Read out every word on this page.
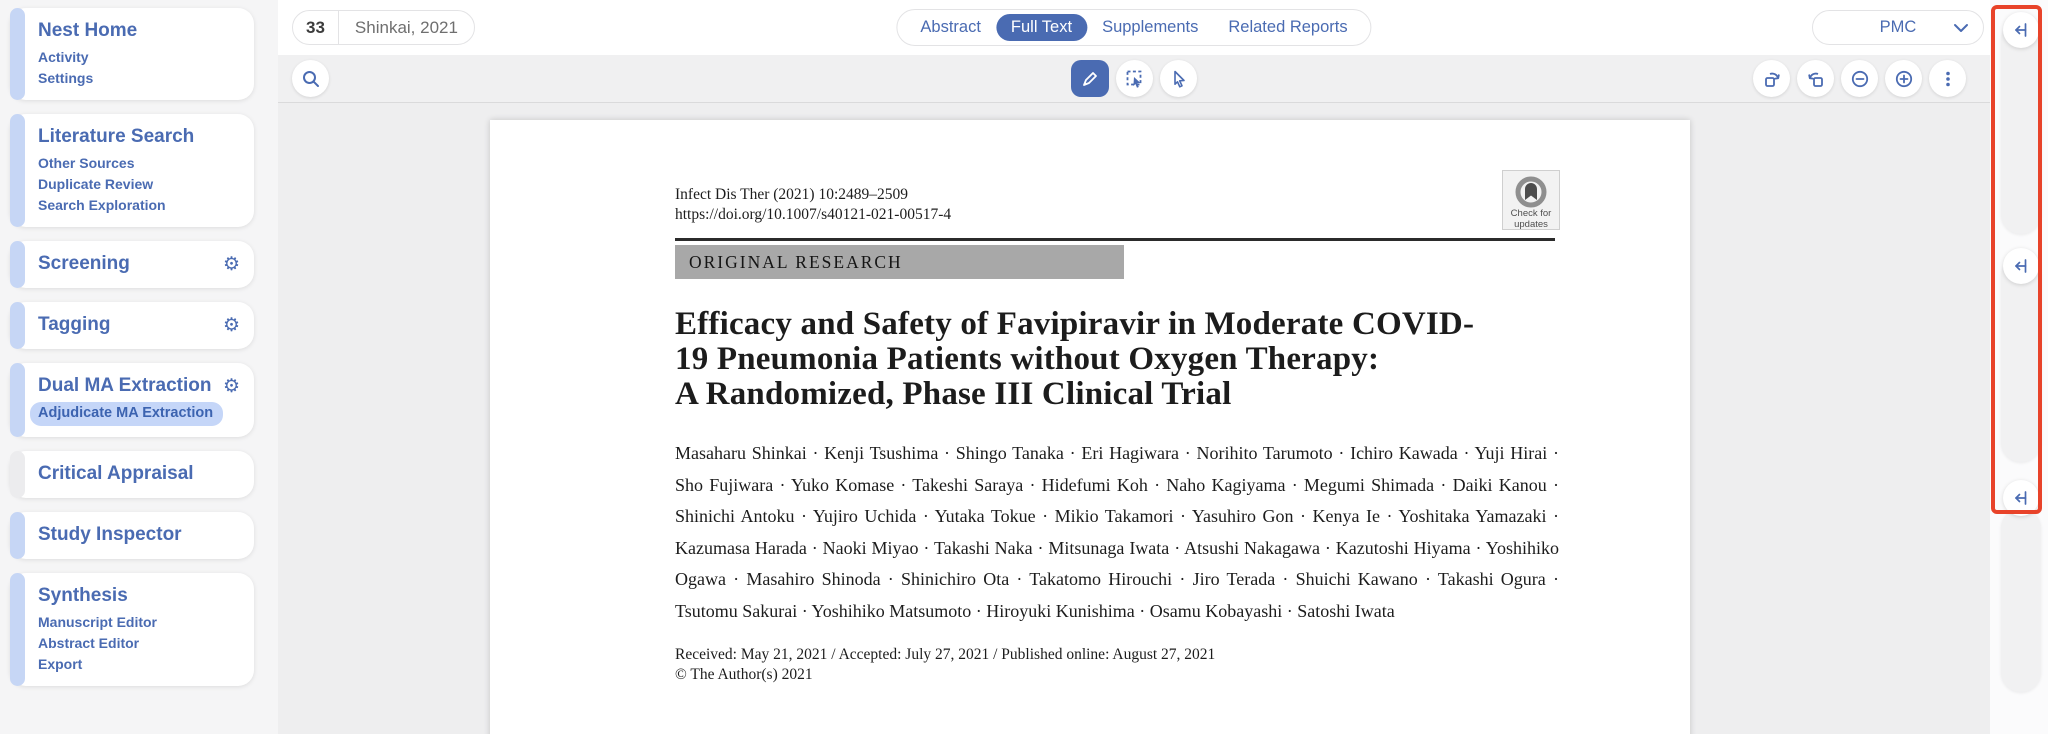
Nest Home
Activity
Settings
Literature Search
Other Sources
Duplicate Review
Search Exploration
Screening	⚙
Tagging	⚙
Dual MA Extraction ⚙
Adjudicate MA Extraction
Critical Appraisal
Study Inspector
Synthesis
Manuscript Editor
Abstract Editor
Export
33	Shinkai, 2021	Abstract	Full Text	Supplements	Related Reports	PMC
Infect Dis Ther (2021) 10:2489–2509
https://doi.org/10.1007/s40121-021-00517-4	Check for
updates
ORIGINAL RESEARCH
Efficacy and Safety of Favipiravir in Moderate COVID-
19 Pneumonia Patients without Oxygen Therapy:
A Randomized, Phase III Clinical Trial
Masaharu Shinkai · Kenji Tsushima · Shingo Tanaka · Eri Hagiwara · Norihito Tarumoto · Ichiro Kawada · Yuji Hirai · Sho Fujiwara · Yuko Komase · Takeshi Saraya · Hidefumi Koh · Naho Kagiyama · Megumi Shimada · Daiki Kanou · Shinichi Antoku · Yujiro Uchida · Yutaka Tokue · Mikio Takamori · Yasuhiro Gon · Kenya Ie · Yoshitaka Yamazaki · Kazumasa Harada · Naoki Miyao · Takashi Naka · Mitsunaga Iwata · Atsushi Nakagawa · Kazutoshi Hiyama · Yoshihiko Ogawa · Masahiro Shinoda · Shinichiro Ota · Takatomo Hirouchi · Jiro Terada · Shuichi Kawano · Takashi Ogura · Tsutomu Sakurai · Yoshihiko Matsumoto · Hiroyuki Kunishima · Osamu Kobayashi · Satoshi Iwata
Received: May 21, 2021 / Accepted: July 27, 2021 / Published online: August 27, 2021
© The Author(s) 2021
